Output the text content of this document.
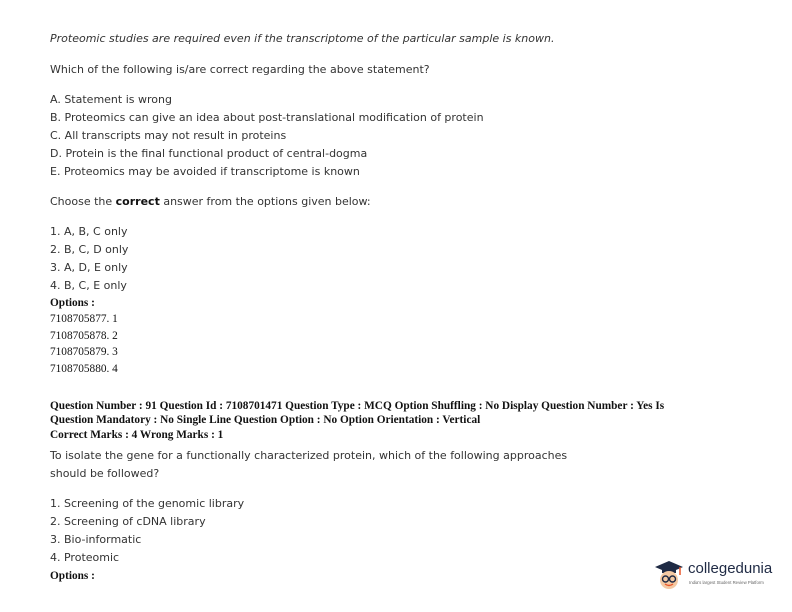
Proteomic studies are required even if the transcriptome of the particular sample is known.
Which of the following is/are correct regarding the above statement?
A. Statement is wrong
B. Proteomics can give an idea about post-translational modification of protein
C. All transcripts may not result in proteins
D. Protein is the final functional product of central-dogma
E. Proteomics may be avoided if transcriptome is known
Choose the correct answer from the options given below:
1. A, B, C only
2. B, C, D only
3. A, D, E only
4. B, C, E only
Options :
7108705877. 1
7108705878. 2
7108705879. 3
7108705880. 4
Question Number : 91 Question Id : 7108701471 Question Type : MCQ Option Shuffling : No Display Question Number : Yes Is
Question Mandatory : No Single Line Question Option : No Option Orientation : Vertical
Correct Marks : 4 Wrong Marks : 1
To isolate the gene for a functionally characterized protein, which of the following approaches
should be followed?
1. Screening of the genomic library
2. Screening of cDNA library
3. Bio-informatic
4. Proteomic
Options :	collegedunia
India's largest Student Review Platform
